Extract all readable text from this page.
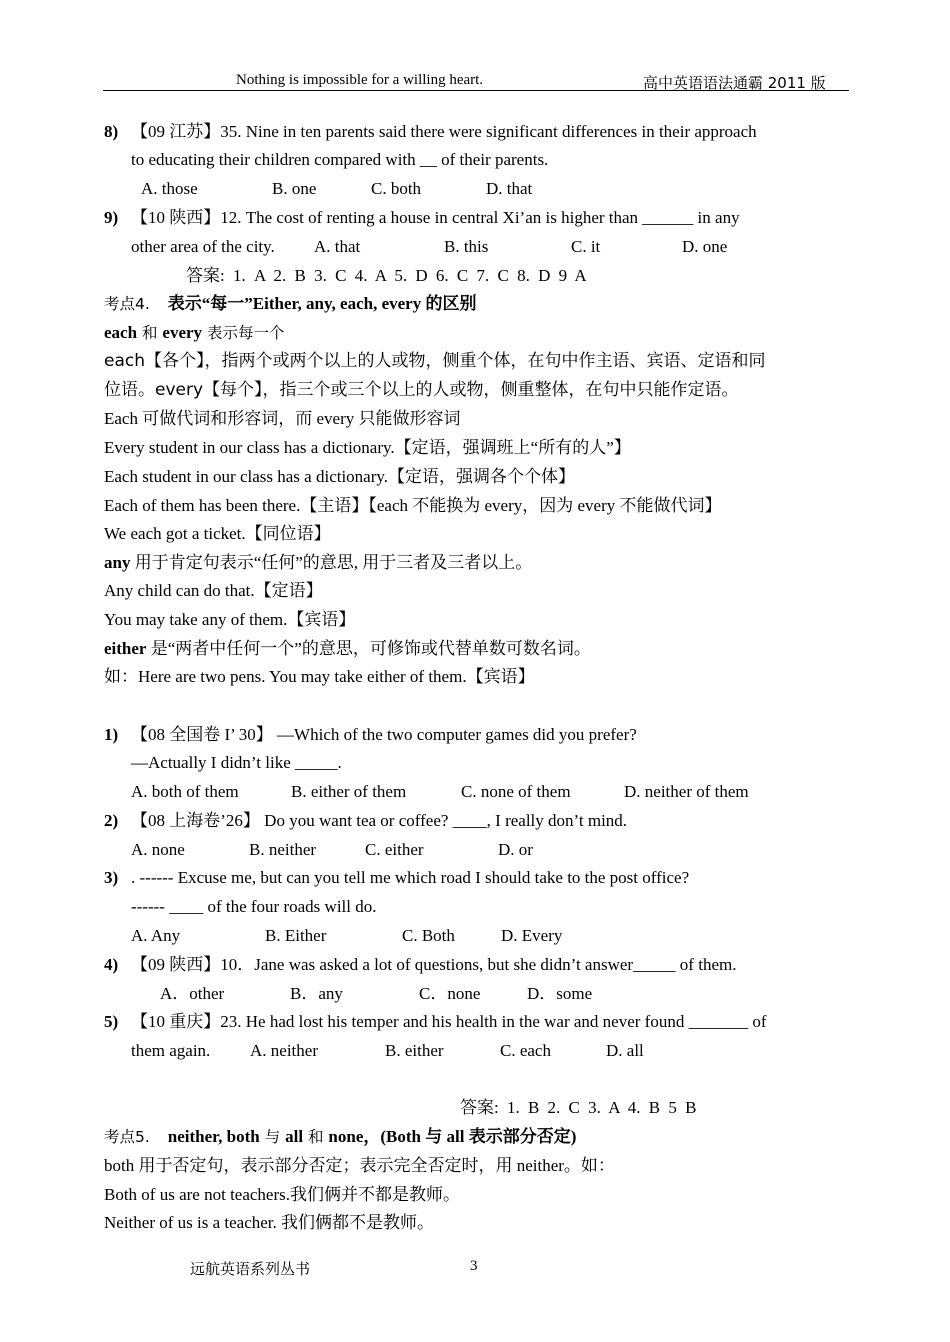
Nothing is impossible for a willing heart.	高中英语语法通霸 2011 版
8) 【09 江苏】35. Nine in ten parents said there were significant differences in their approach
to educating their children compared with __ of their parents.
A. those	B. one	C. both	D. that
9) 【10 陕西】12. The cost of renting a house in central Xi’an is higher than ______ in any
other area of the city. A. that	B. this	C. it	D. one
答案: 1. A 2. B 3. C 4. A 5. D 6. C 7. C 8. D 9 A
考点4. 表示“每一”Either, any, each, every 的区别
each 和 every 表示每一个
each【各个】，指两个或两个以上的人或物，侧重个体，在句中作主语、宾语、定语和同
位语。every【每个】，指三个或三个以上的人或物，侧重整体，在句中只能作定语。
Each 可做代词和形容词，而 every 只能做形容词
Every student in our class has a dictionary.【定语，强调班上“所有的人”】
Each student in our class has a dictionary.【定语，强调各个个体】
Each of them has been there.【主语】【each 不能换为 every，因为 every 不能做代词】
We each got a ticket.【同位语】
any 用于肯定句表示“任何”的意思, 用于三者及三者以上。
Any child can do that.【定语】
You may take any of them.【宾语】
either 是“两者中任何一个”的意思，可修饰或代替单数可数名词。
如：Here are two pens. You may take either of them.【宾语】
1) 【08 全国卷 I’ 30】 —Which of the two computer games did you prefer?
—Actually I didn’t like _____.
A. both of them	B. either of them	C. none of them	D. neither of them
2) 【08 上海卷’26】 Do you want tea or coffee? ____, I really don’t mind.
A. none	B. neither	C. either	D. or
3) . ------ Excuse me, but can you tell me which road I should take to the post office?
------ ____ of the four roads will do.
A. Any	B. Either	C. Both	D. Every
4) 【09 陕西】10．Jane was asked a lot of questions, but she didn’t answer_____ of them.
A．other	B．any	C．none	D．some
5) 【10 重庆】23. He had lost his temper and his health in the war and never found _______ of
them again. A. neither	B. either	C. each	D. all
答案: 1. B 2. C 3. A 4. B 5 B
考点5. neither, both 与 all 和 none，(Both 与 all 表示部分否定)
both 用于否定句，表示部分否定；表示完全否定时，用 neither。如：
Both of us are not teachers.我们俩并不都是教师。
Neither of us is a teacher. 我们俩都不是教师。
远航英语系列丛书	3
